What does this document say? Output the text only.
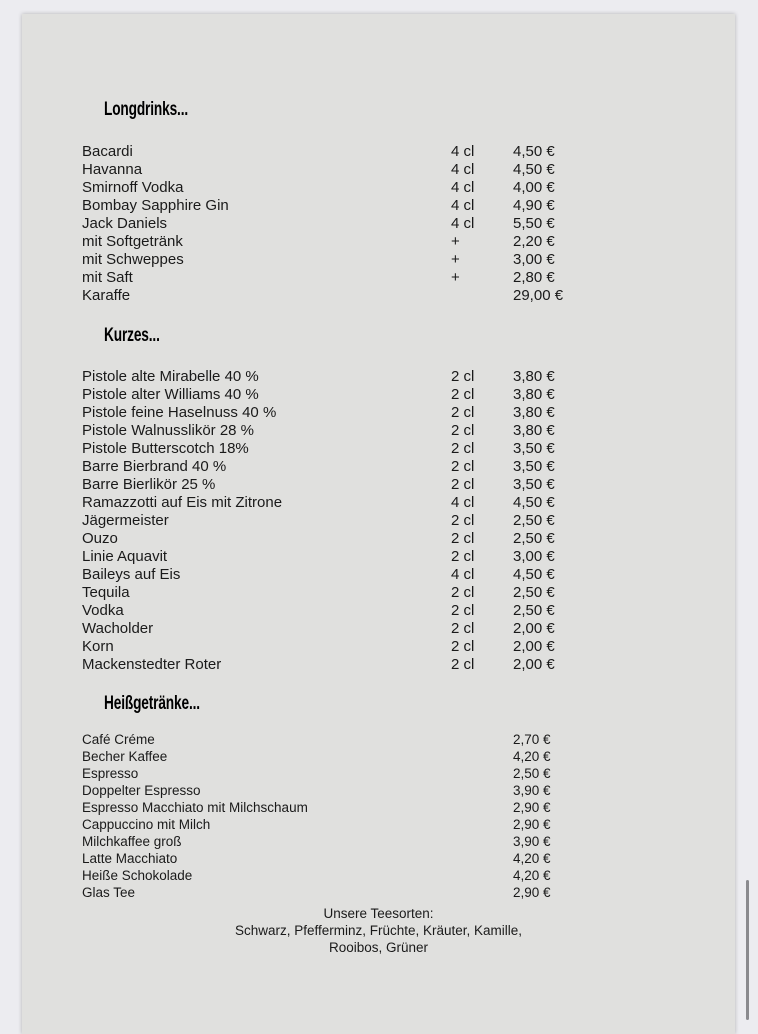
Longdrinks...
Bacardi	4 cl	4,50 €
Havanna	4 cl	4,50 €
Smirnoff Vodka	4 cl	4,00 €
Bombay Sapphire Gin	4 cl	4,90 €
Jack Daniels	4 cl	5,50 €
mit Softgetränk	+	2,20 €
mit Schweppes	+	3,00 €
mit Saft	+	2,80 €
Karaffe	29,00 €
Kurzes...
Pistole alte Mirabelle 40 %	2 cl	3,80 €
Pistole alter Williams 40 %	2 cl	3,80 €
Pistole feine Haselnuss 40 %	2 cl	3,80 €
Pistole Walnusslikör 28 %	2 cl	3,80 €
Pistole Butterscotch 18%	2 cl	3,50 €
Barre Bierbrand 40 %	2 cl	3,50 €
Barre Bierlikör 25 %	2 cl	3,50 €
Ramazzotti auf Eis mit Zitrone	4 cl	4,50 €
Jägermeister	2 cl	2,50 €
Ouzo	2 cl	2,50 €
Linie Aquavit	2 cl	3,00 €
Baileys auf Eis	4 cl	4,50 €
Tequila	2 cl	2,50 €
Vodka	2 cl	2,50 €
Wacholder	2 cl	2,00 €
Korn	2 cl	2,00 €
Mackenstedter Roter	2 cl	2,00 €
Heißgetränke...
Café Créme	2,70 €
Becher Kaffee	4,20 €
Espresso	2,50 €
Doppelter Espresso	3,90 €
Espresso Macchiato mit Milchschaum	2,90 €
Cappuccino mit Milch	2,90 €
Milchkaffee groß	3,90 €
Latte Macchiato	4,20 €
Heiße Schokolade	4,20 €
Glas Tee	2,90 €
Unsere Teesorten:
Schwarz, Pfefferminz, Früchte, Kräuter, Kamille,
Rooibos, Grüner
